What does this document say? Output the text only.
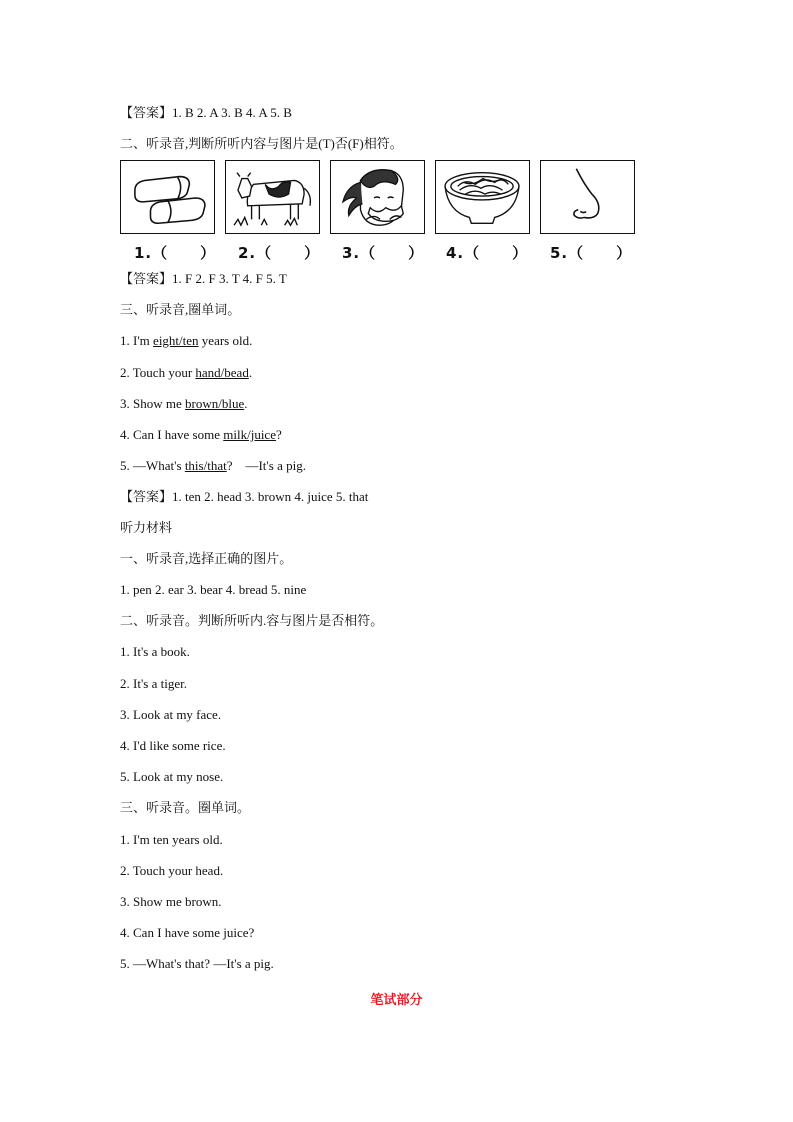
【答案】1. B 2. A 3. B 4. A 5. B
二、听录音,判断所听内容与图片是(T)否(F)相符。
1.（　　） 2.（　　） 3.（　　） 4.（　　） 5.（　　）
【答案】1. F 2. F 3. T 4. F 5. T
三、听录音,圈单词。
1. I'm eight/ten years old.
2. Touch your hand/bead.
3. Show me brown/blue.
4. Can I have some milk/juice?
5. —What's this/that?　—It's a pig.
【答案】1. ten 2. head 3. brown 4. juice 5. that
听力材料
一、听录音,选择正确的图片。
1. pen 2. ear 3. bear 4. bread 5. nine
二、听录音。判断所听内.容与图片是否相符。
1. It's a book.
2. It's a tiger.
3. Look at my face.
4. I'd like some rice.
5. Look at my nose.
三、听录音。圈单词。
1. I'm ten years old.
2. Touch your head.
3. Show me brown.
4. Can I have some juice?
5. —What's that? —It's a pig.
笔试部分
